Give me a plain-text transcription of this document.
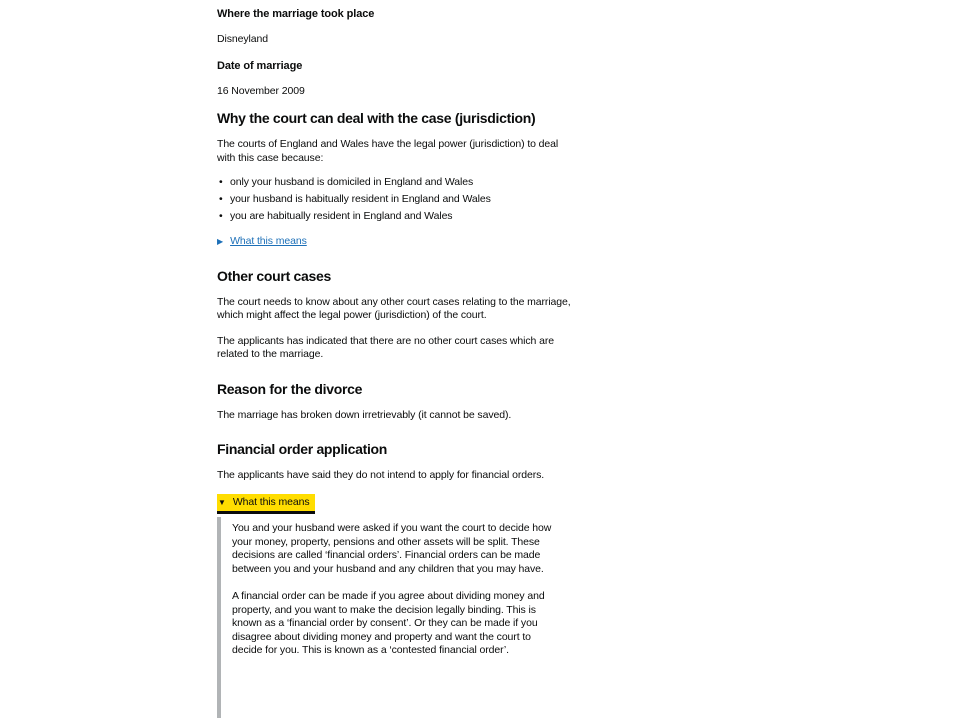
Where the marriage took place
Disneyland
Date of marriage
16 November 2009
Why the court can deal with the case (jurisdiction)

The courts of England and Wales have the legal power (jurisdiction) to deal with this case because:

• only your husband is domiciled in England and Wales
• your husband is habitually resident in England and Wales
• you are habitually resident in England and Wales
▶ What this means
Other court cases

The court needs to know about any other court cases relating to the marriage, which might affect the legal power (jurisdiction) of the court.

The applicants has indicated that there are no other court cases which are related to the marriage.

Reason for the divorce

The marriage has broken down irretrievably (it cannot be saved).

Financial order application

The applicants have said they do not intend to apply for financial orders.

▼ What this means

You and your husband were asked if you want the court to decide how your money, property, pensions and other assets will be split. These decisions are called ‘financial orders’. Financial orders can be made between you and your husband and any children that you may have.

A financial order can be made if you agree about dividing money and property, and you want to make the decision legally binding. This is known as a ‘financial order by consent’. Or they can be made if you disagree about dividing money and property and want the court to decide for you. This is known as a ‘contested financial order’.
